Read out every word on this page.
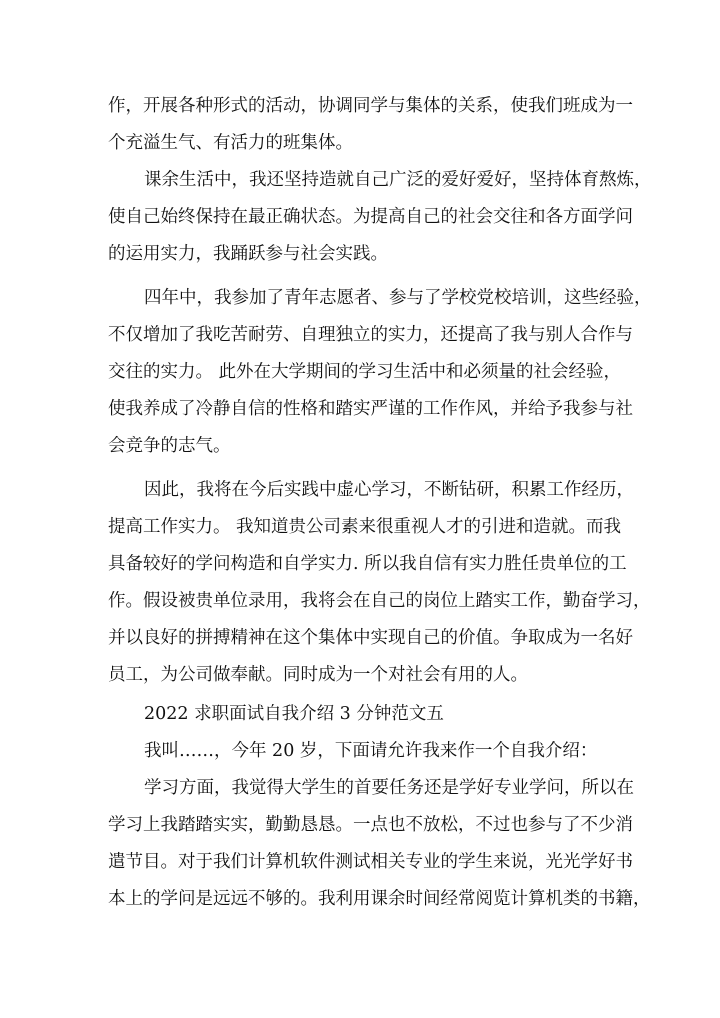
作，开展各种形式的活动，协调同学与集体的关系，使我们班成为一
个充溢生气、有活力的班集体。
课余生活中，我还坚持造就自己广泛的爱好爱好，坚持体育熬炼，
使自己始终保持在最正确状态。为提高自己的社会交往和各方面学问
的运用实力，我踊跃参与社会实践。
四年中，我参加了青年志愿者、参与了学校党校培训，这些经验，
不仅增加了我吃苦耐劳、自理独立的实力，还提高了我与别人合作与
交往的实力。 此外在大学期间的学习生活中和必须量的社会经验，
使我养成了冷静自信的性格和踏实严谨的工作作风，并给予我参与社
会竞争的志气。
因此，我将在今后实践中虚心学习，不断钻研，积累工作经历，
提高工作实力。 我知道贵公司素来很重视人才的引进和造就。而我
具备较好的学问构造和自学实力. 所以我自信有实力胜任贵单位的工
作。假设被贵单位录用，我将会在自己的岗位上踏实工作，勤奋学习，
并以良好的拼搏精神在这个集体中实现自己的价值。争取成为一名好
员工，为公司做奉献。同时成为一个对社会有用的人。
2022 求职面试自我介绍 3 分钟范文五
我叫……，今年 20 岁，下面请允许我来作一个自我介绍：
学习方面，我觉得大学生的首要任务还是学好专业学问，所以在
学习上我踏踏实实，勤勤恳恳。一点也不放松，不过也参与了不少消
遣节目。对于我们计算机软件测试相关专业的学生来说，光光学好书
本上的学问是远远不够的。我利用课余时间经常阅览计算机类的书籍，
